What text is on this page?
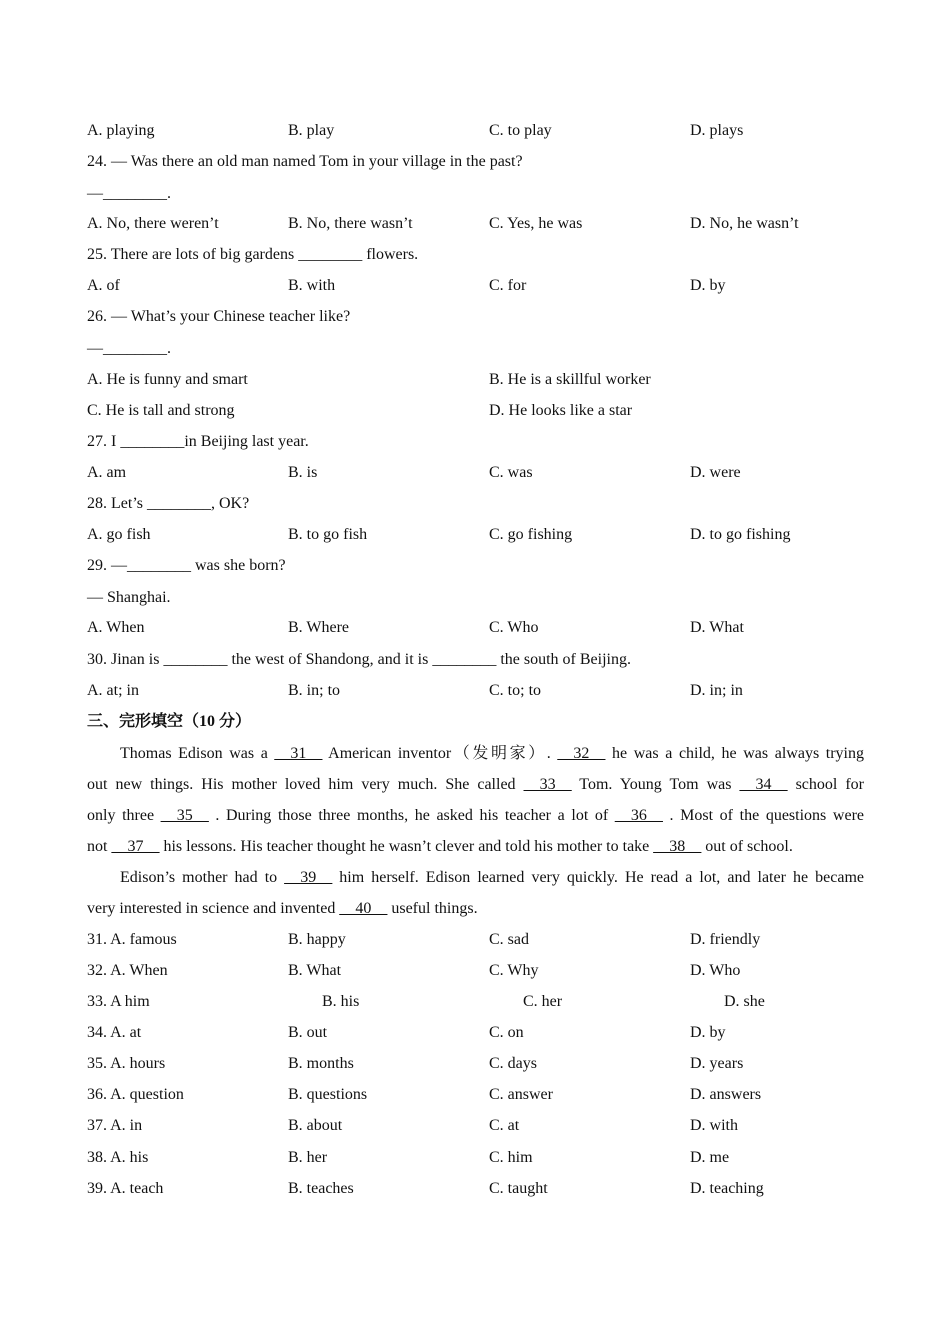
A. playing	B. play	C. to play	D. plays
24. — Was there an old man named Tom in your village in the past?
—________.
A. No, there weren’t	B. No, there wasn’t	C. Yes, he was	D. No, he wasn’t
25. There are lots of big gardens ________ flowers.
A. of	B. with	C. for	D. by
26. — What’s your Chinese teacher like?
—________.
A. He is funny and smart	B. He is a skillful worker
C. He is tall and strong	D. He looks like a star
27. I ________in Beijing last year.
A. am	B. is	C. was	D. were
28. Let’s ________, OK?
A. go fish	B. to go fish	C. go fishing	D. to go fishing
29. —________ was she born?
— Shanghai.
A. When	B. Where	C. Who	D. What
30. Jinan is ________ the west of Shandong, and it is ________ the south of Beijing.
A. at; in	B. in; to	C. to; to	D. in; in
三、完形填空（10 分）
Thomas Edison was a __31__ American inventor（发明家）. __32__ he was a child, he was always trying
out new things. His mother loved him very much. She called __33__ Tom. Young Tom was __34__ school for
only three __35__ . During those three months, he asked his teacher a lot of __36__ . Most of the questions were
not __37__ his lessons. His teacher thought he wasn’t clever and told his mother to take __38__ out of school.
Edison’s mother had to __39__ him herself. Edison learned very quickly. He read a lot, and later he became
very interested in science and invented __40__ useful things.
31. A. famous	B. happy	C. sad	D. friendly
32. A. When	B. What	C. Why	D. Who
33. A him	B. his	C. her	D. she
34. A. at	B. out	C. on	D. by
35. A. hours	B. months	C. days	D. years
36. A. question	B. questions	C. answer	D. answers
37. A. in	B. about	C. at	D. with
38. A. his	B. her	C. him	D. me
39. A. teach	B. teaches	C. taught	D. teaching
